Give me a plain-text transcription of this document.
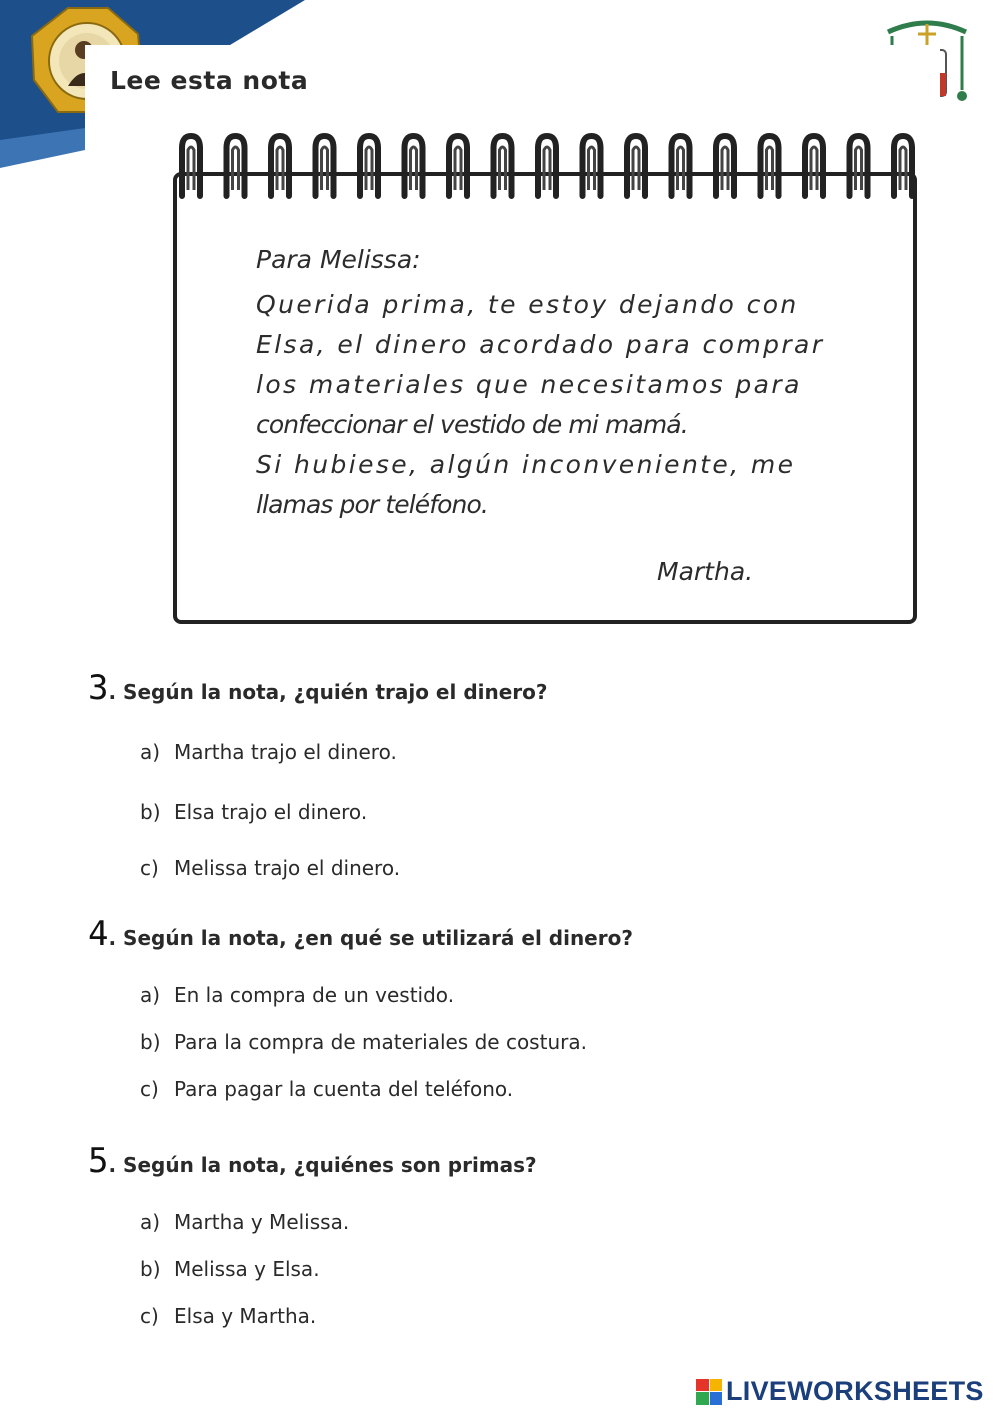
Lee esta nota
Para Melissa:
Querida prima, te estoy dejando con
Elsa, el dinero acordado para comprar
los materiales que necesitamos para
confeccionar el vestido de mi mamá.
Si hubiese, algún inconveniente, me
llamas por teléfono.
Martha.
3. Según la nota, ¿quién trajo el dinero?
a) Martha trajo el dinero.
b) Elsa trajo el dinero.
c) Melissa trajo el dinero.
4. Según la nota, ¿en qué se utilizará el dinero?
a) En la compra de un vestido.
b) Para la compra de materiales de costura.
c) Para pagar la cuenta del teléfono.
5. Según la nota, ¿quiénes son primas?
a) Martha y Melissa.
b) Melissa y Elsa.
c) Elsa y Martha.
LIVEWORKSHEETS
